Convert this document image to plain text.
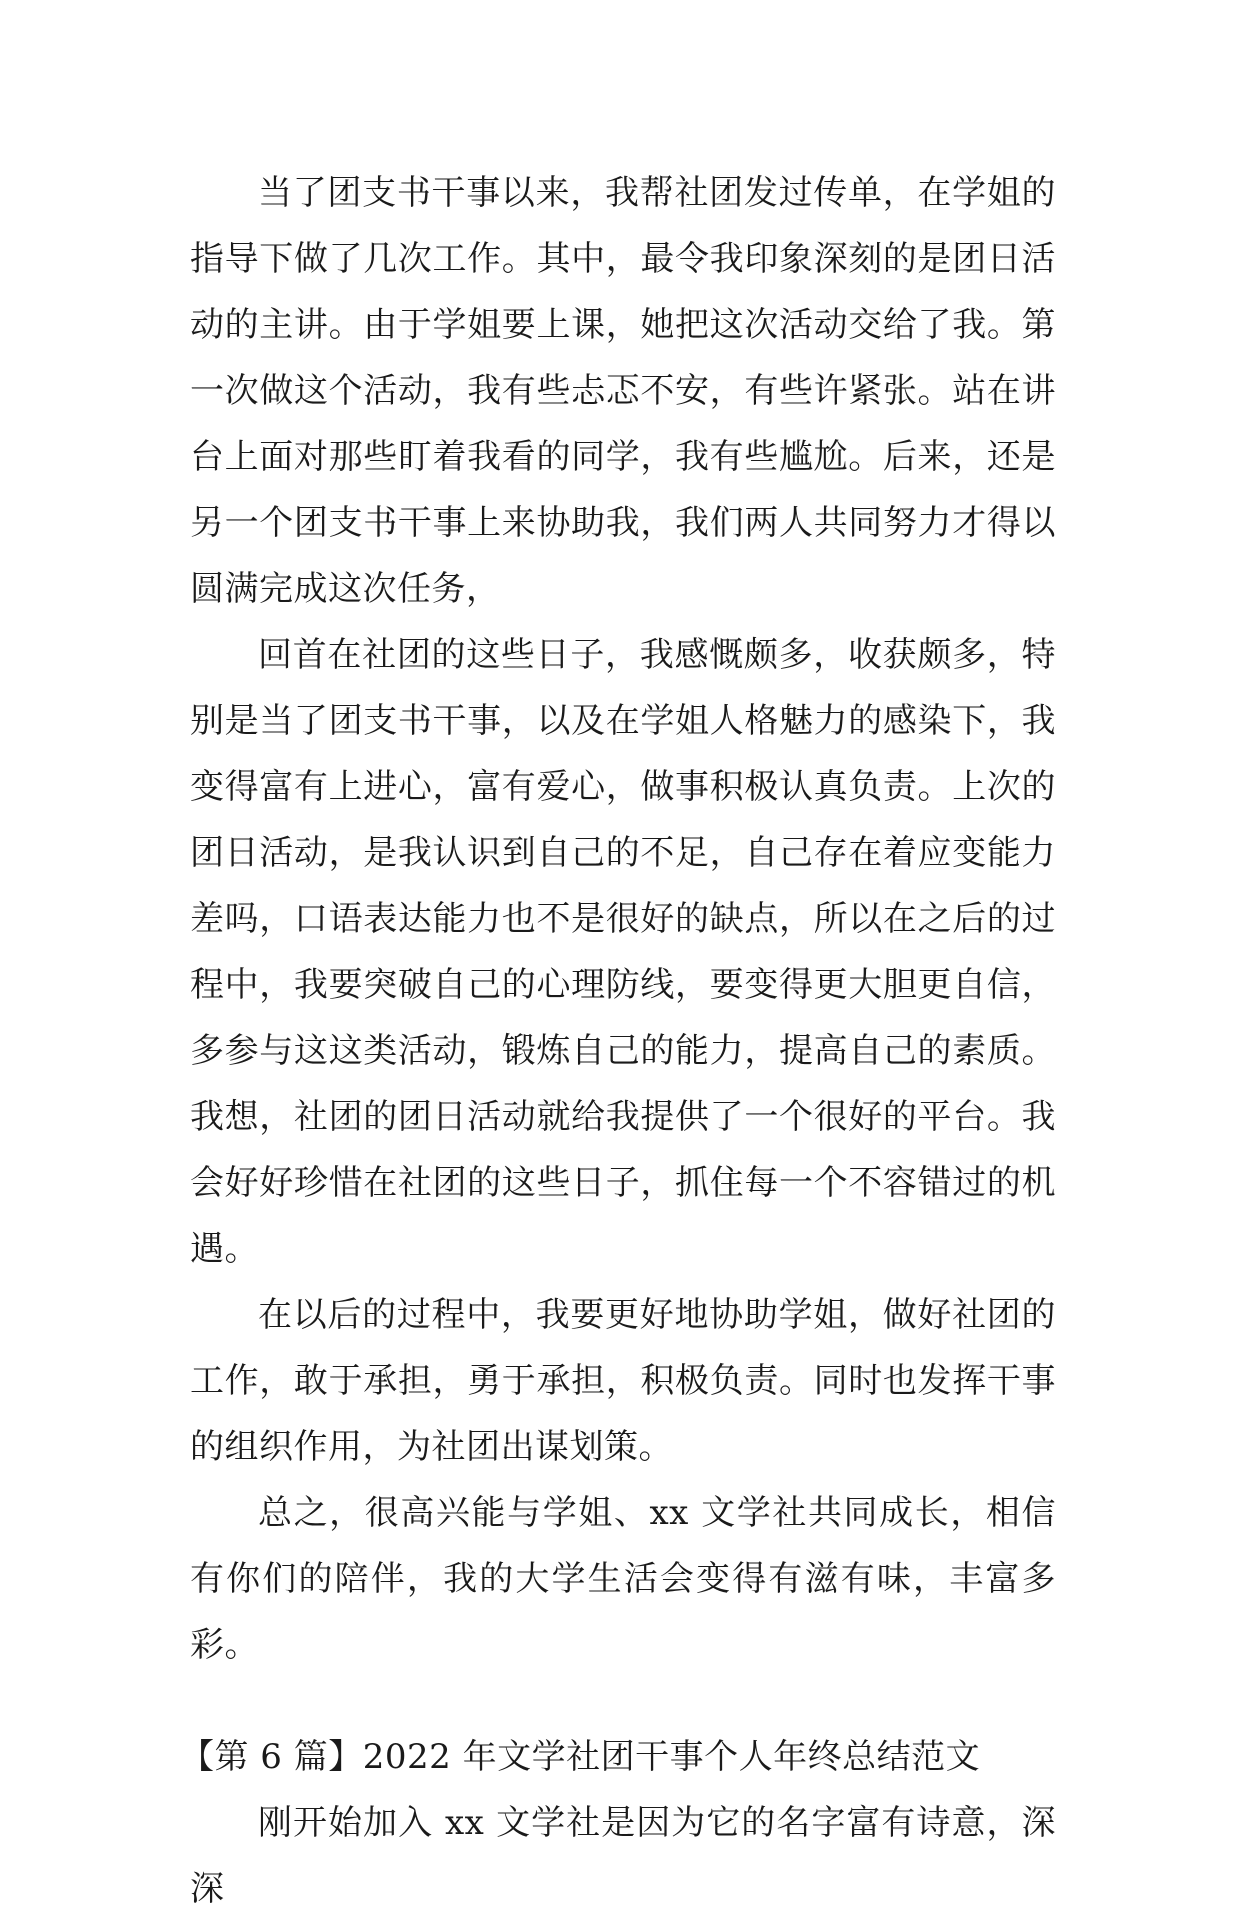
当了团支书干事以来，我帮社团发过传单，在学姐的指导下做了几次工作。其中，最令我印象深刻的是团日活动的主讲。由于学姐要上课，她把这次活动交给了我。第一次做这个活动，我有些忐忑不安，有些许紧张。站在讲台上面对那些盯着我看的同学，我有些尴尬。后来，还是另一个团支书干事上来协助我，我们两人共同努力才得以圆满完成这次任务，

回首在社团的这些日子，我感慨颇多，收获颇多，特别是当了团支书干事，以及在学姐人格魅力的感染下，我变得富有上进心，富有爱心，做事积极认真负责。上次的团日活动，是我认识到自己的不足，自己存在着应变能力差吗，口语表达能力也不是很好的缺点，所以在之后的过程中，我要突破自己的心理防线，要变得更大胆更自信，多参与这这类活动，锻炼自己的能力，提高自己的素质。我想，社团的团日活动就给我提供了一个很好的平台。我会好好珍惜在社团的这些日子，抓住每一个不容错过的机遇。

在以后的过程中，我要更好地协助学姐，做好社团的工作，敢于承担，勇于承担，积极负责。同时也发挥干事的组织作用，为社团出谋划策。

总之，很高兴能与学姐、xx 文学社共同成长，相信有你们的陪伴，我的大学生活会变得有滋有味，丰富多彩。

【第 6 篇】2022 年文学社团干事个人年终总结范文

刚开始加入 xx 文学社是因为它的名字富有诗意，深深
